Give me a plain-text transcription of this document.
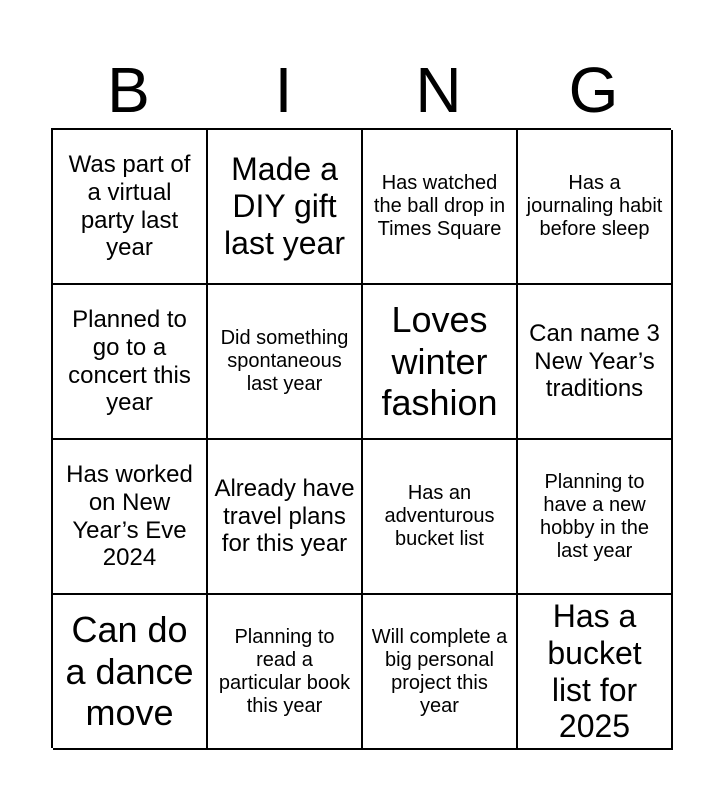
B	I	N	G
Was part of a virtual party last year
Made a DIY gift last year
Has watched the ball drop in Times Square
Has a journaling habit before sleep
Planned to go to a concert this year
Did something spontaneous last year
Loves winter fashion
Can name 3 New Year’s traditions
Has worked on New Year’s Eve 2024
Already have travel plans for this year
Has an adventurous bucket list
Planning to have a new hobby in the last year
Can do a dance move
Planning to read a particular book this year
Will complete a big personal project this year
Has a bucket list for 2025
